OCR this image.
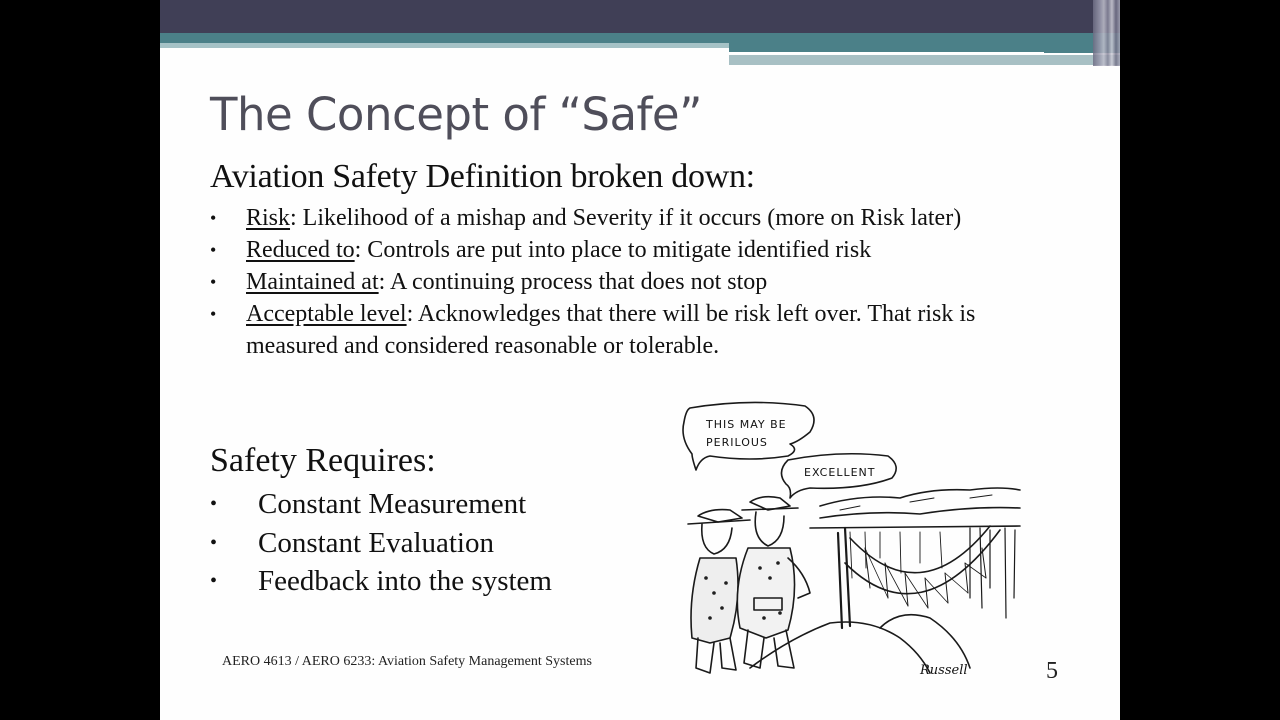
The Concept of “Safe”
Aviation Safety Definition broken down:
• Risk: Likelihood of a mishap and Severity if it occurs (more on Risk later)
• Reduced to: Controls are put into place to mitigate identified risk
• Maintained at: A continuing process that does not stop
• Acceptable level: Acknowledges that there will be risk left over. That risk is measured and considered reasonable or tolerable.
Safety Requires:
• Constant Measurement
• Constant Evaluation
• Feedback into the system
THIS MAY BE
PERILOUS
EXCELLENT
Russell
AERO 4613 / AERO 6233: Aviation Safety Management Systems	5
